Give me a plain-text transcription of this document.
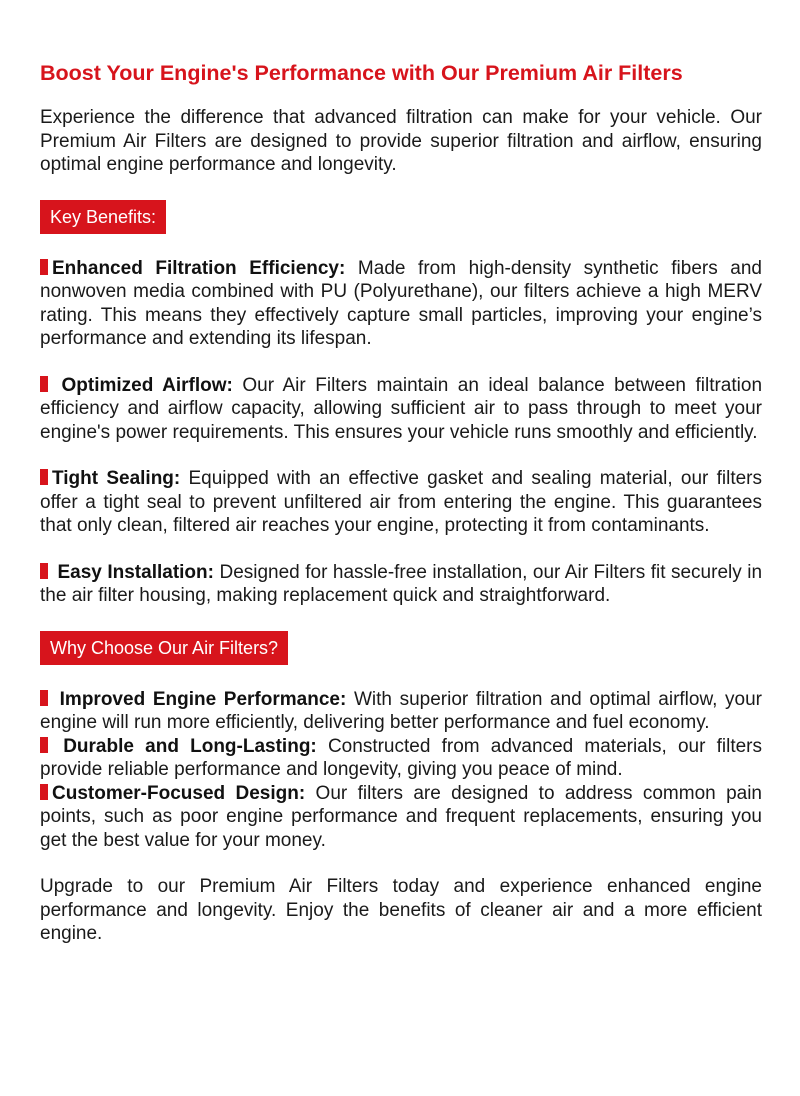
Boost Your Engine's Performance with Our Premium Air Filters

Experience the difference that advanced filtration can make for your vehicle. Our Premium Air Filters are designed to provide superior filtration and airflow, ensuring optimal engine performance and longevity.

Key Benefits:

Enhanced Filtration Efficiency: Made from high-density synthetic fibers and nonwoven media combined with PU (Polyurethane), our filters achieve a high MERV rating. This means they effectively capture small particles, improving your engine’s performance and extending its lifespan.

Optimized Airflow: Our Air Filters maintain an ideal balance between filtration efficiency and airflow capacity, allowing sufficient air to pass through to meet your engine's power requirements. This ensures your vehicle runs smoothly and efficiently.

Tight Sealing: Equipped with an effective gasket and sealing material, our filters offer a tight seal to prevent unfiltered air from entering the engine. This guarantees that only clean, filtered air reaches your engine, protecting it from contaminants.

Easy Installation: Designed for hassle-free installation, our Air Filters fit securely in the air filter housing, making replacement quick and straightforward.

Why Choose Our Air Filters?

Improved Engine Performance: With superior filtration and optimal airflow, your engine will run more efficiently, delivering better performance and fuel economy.

Durable and Long-Lasting: Constructed from advanced materials, our filters provide reliable performance and longevity, giving you peace of mind.

Customer-Focused Design: Our filters are designed to address common pain points, such as poor engine performance and frequent replacements, ensuring you get the best value for your money.

Upgrade to our Premium Air Filters today and experience enhanced engine performance and longevity. Enjoy the benefits of cleaner air and a more efficient engine.
